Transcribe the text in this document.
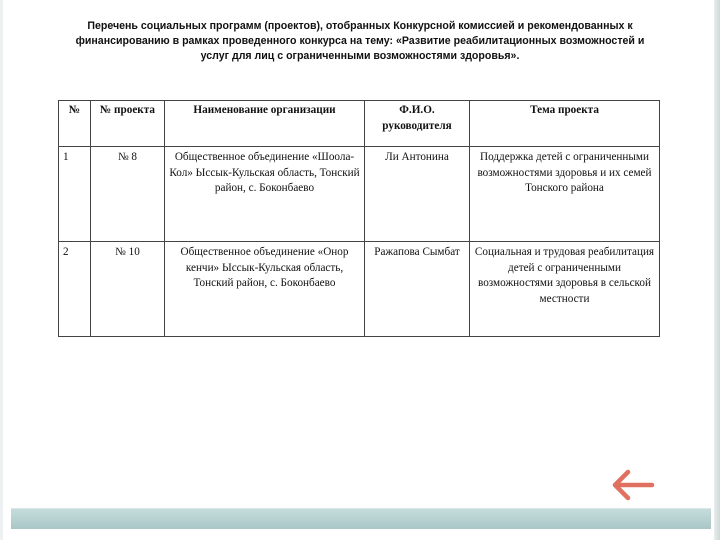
Перечень социальных программ (проектов), отобранных Конкурсной комиссией и рекомендованных к финансированию в рамках проведенного конкурса на тему: «Развитие реабилитационных возможностей и услуг для лиц с ограниченными возможностями здоровья».
№	№ проекта	Наименование организации	Ф.И.О. руководителя	Тема проекта
1	№ 8	Общественное объединение «Шоола-Кол» Ыссык-Кульская область, Тонский район, с. Боконбаево	Ли Антонина	Поддержка детей с ограниченными возможностями здоровья и их семей Тонского района
2	№ 10	Общественное объединение «Онор кенчи» Ыссык-Кульская область, Тонский район, с. Боконбаево	Ражапова Сымбат	Социальная и трудовая реабилитация детей с ограниченными возможностями здоровья в сельской местности
